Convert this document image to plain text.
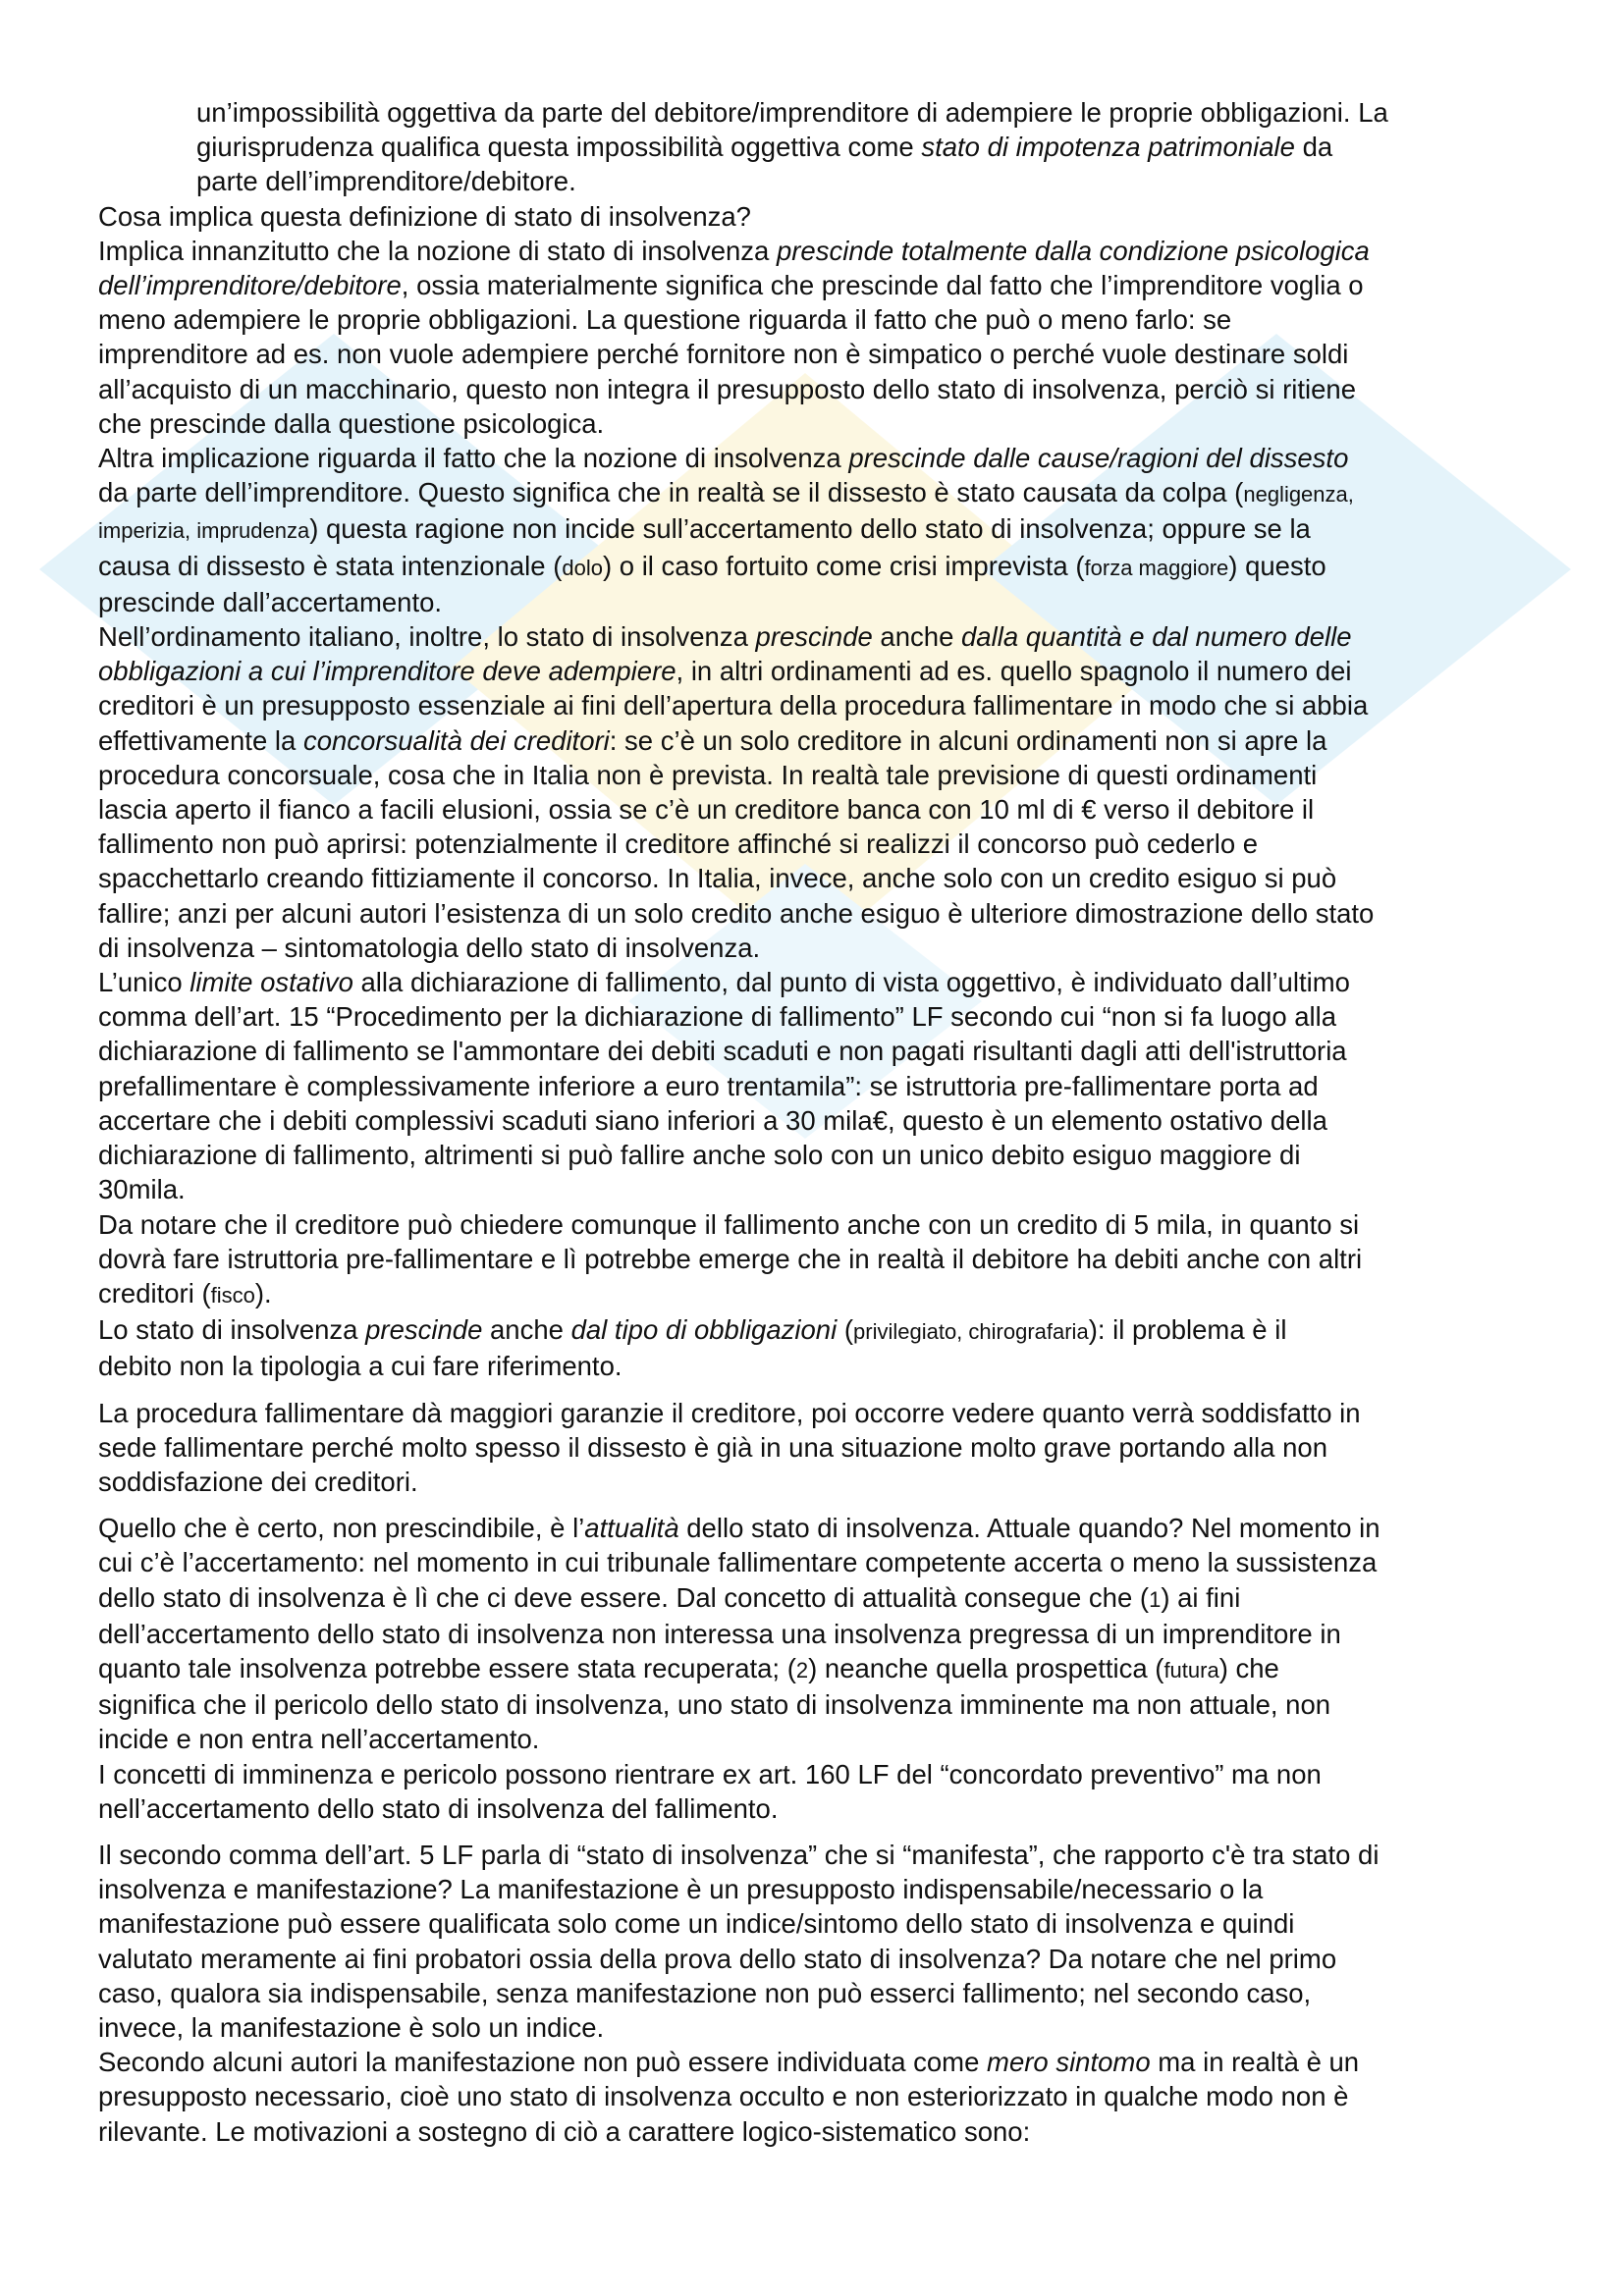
un’impossibilità oggettiva da parte del debitore/imprenditore di adempiere le proprie obbligazioni. La
giurisprudenza qualifica questa impossibilità oggettiva come stato di impotenza patrimoniale da
parte dell’imprenditore/debitore.
Cosa implica questa definizione di stato di insolvenza?
Implica innanzitutto che la nozione di stato di insolvenza prescinde totalmente dalla condizione psicologica
dell’imprenditore/debitore, ossia materialmente significa che prescinde dal fatto che l’imprenditore voglia o
meno adempiere le proprie obbligazioni. La questione riguarda il fatto che può o meno farlo: se
imprenditore ad es. non vuole adempiere perché fornitore non è simpatico o perché vuole destinare soldi
all’acquisto di un macchinario, questo non integra il presupposto dello stato di insolvenza, perciò si ritiene
che prescinde dalla questione psicologica.
Altra implicazione riguarda il fatto che la nozione di insolvenza prescinde dalle cause/ragioni del dissesto
da parte dell’imprenditore. Questo significa che in realtà se il dissesto è stato causata da colpa (negligenza,
imperizia, imprudenza) questa ragione non incide sull’accertamento dello stato di insolvenza; oppure se la
causa di dissesto è stata intenzionale (dolo) o il caso fortuito come crisi imprevista (forza maggiore) questo
prescinde dall’accertamento.
Nell’ordinamento italiano, inoltre, lo stato di insolvenza prescinde anche dalla quantità e dal numero delle
obbligazioni a cui l’imprenditore deve adempiere, in altri ordinamenti ad es. quello spagnolo il numero dei
creditori è un presupposto essenziale ai fini dell’apertura della procedura fallimentare in modo che si abbia
effettivamente la concorsualità dei creditori: se c’è un solo creditore in alcuni ordinamenti non si apre la
procedura concorsuale, cosa che in Italia non è prevista. In realtà tale previsione di questi ordinamenti
lascia aperto il fianco a facili elusioni, ossia se c’è un creditore banca con 10 ml di € verso il debitore il
fallimento non può aprirsi: potenzialmente il creditore affinché si realizzi il concorso può cederlo e
spacchettarlo creando fittiziamente il concorso. In Italia, invece, anche solo con un credito esiguo si può
fallire; anzi per alcuni autori l’esistenza di un solo credito anche esiguo è ulteriore dimostrazione dello stato
di insolvenza – sintomatologia dello stato di insolvenza.
L’unico limite ostativo alla dichiarazione di fallimento, dal punto di vista oggettivo, è individuato dall’ultimo
comma dell’art. 15 “Procedimento per la dichiarazione di fallimento” LF secondo cui “non si fa luogo alla
dichiarazione di fallimento se l'ammontare dei debiti scaduti e non pagati risultanti dagli atti dell'istruttoria
prefallimentare è complessivamente inferiore a euro trentamila”: se istruttoria pre-fallimentare porta ad
accertare che i debiti complessivi scaduti siano inferiori a 30 mila€, questo è un elemento ostativo della
dichiarazione di fallimento, altrimenti si può fallire anche solo con un unico debito esiguo maggiore di
30mila.
Da notare che il creditore può chiedere comunque il fallimento anche con un credito di 5 mila, in quanto si
dovrà fare istruttoria pre-fallimentare e lì potrebbe emerge che in realtà il debitore ha debiti anche con altri
creditori (fisco).
Lo stato di insolvenza prescinde anche dal tipo di obbligazioni (privilegiato, chirografaria): il problema è il
debito non la tipologia a cui fare riferimento.
La procedura fallimentare dà maggiori garanzie il creditore, poi occorre vedere quanto verrà soddisfatto in
sede fallimentare perché molto spesso il dissesto è già in una situazione molto grave portando alla non
soddisfazione dei creditori.
Quello che è certo, non prescindibile, è l’attualità dello stato di insolvenza. Attuale quando? Nel momento in
cui c’è l’accertamento: nel momento in cui tribunale fallimentare competente accerta o meno la sussistenza
dello stato di insolvenza è lì che ci deve essere. Dal concetto di attualità consegue che (1) ai fini
dell’accertamento dello stato di insolvenza non interessa una insolvenza pregressa di un imprenditore in
quanto tale insolvenza potrebbe essere stata recuperata; (2) neanche quella prospettica (futura) che
significa che il pericolo dello stato di insolvenza, uno stato di insolvenza imminente ma non attuale, non
incide e non entra nell’accertamento.
I concetti di imminenza e pericolo possono rientrare ex art. 160 LF del “concordato preventivo” ma non
nell’accertamento dello stato di insolvenza del fallimento.
Il secondo comma dell’art. 5 LF parla di “stato di insolvenza” che si “manifesta”, che rapporto c'è tra stato di
insolvenza e manifestazione? La manifestazione è un presupposto indispensabile/necessario o la
manifestazione può essere qualificata solo come un indice/sintomo dello stato di insolvenza e quindi
valutato meramente ai fini probatori ossia della prova dello stato di insolvenza? Da notare che nel primo
caso, qualora sia indispensabile, senza manifestazione non può esserci fallimento; nel secondo caso,
invece, la manifestazione è solo un indice.
Secondo alcuni autori la manifestazione non può essere individuata come mero sintomo ma in realtà è un
presupposto necessario, cioè uno stato di insolvenza occulto e non esteriorizzato in qualche modo non è
rilevante. Le motivazioni a sostegno di ciò a carattere logico-sistematico sono:
